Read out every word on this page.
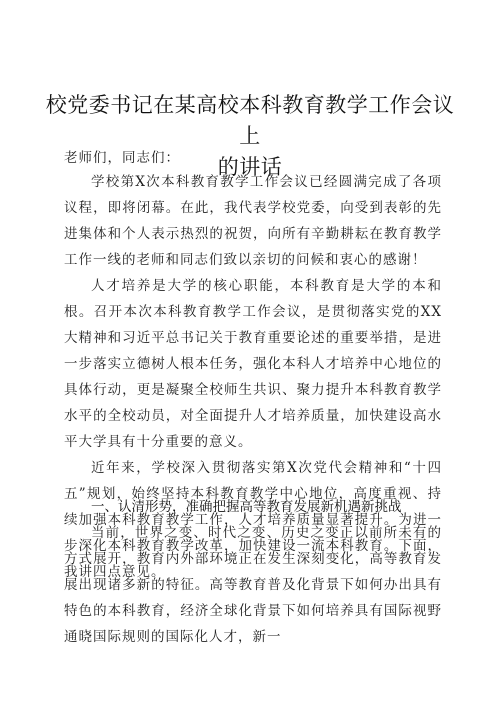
校党委书记在某高校本科教育教学工作会议上
的讲话
老师们，同志们：

学校第X次本科教育教学工作会议已经圆满完成了各项议程，即将闭幕。在此，我代表学校党委，向受到表彰的先进集体和个人表示热烈的祝贺，向所有辛勤耕耘在教育教学工作一线的老师和同志们致以亲切的问候和衷心的感谢！

人才培养是大学的核心职能，本科教育是大学的本和根。召开本次本科教育教学工作会议，是贯彻落实党的XX大精神和习近平总书记关于教育重要论述的重要举措，是进一步落实立德树人根本任务，强化本科人才培养中心地位的具体行动，更是凝聚全校师生共识、聚力提升本科教育教学水平的全校动员，对全面提升人才培养质量，加快建设高水平大学具有十分重要的意义。

近年来，学校深入贯彻落实第X次党代会精神和“十四五”规划，始终坚持本科教育教学中心地位，高度重视、持续加强本科教育教学工作，人才培养质量显著提升。为进一步深化本科教育教学改革，加快建设一流本科教育。下面，我讲四点意见。

一、认清形势，准确把握高等教育发展新机遇新挑战

当前，世界之变、时代之变、历史之变正以前所未有的方式展开，教育内外部环境正在发生深刻变化，高等教育发展出现诸多新的特征。高等教育普及化背景下如何办出具有特色的本科教育，经济全球化背景下如何培养具有国际视野通晓国际规则的国际化人才，新一
